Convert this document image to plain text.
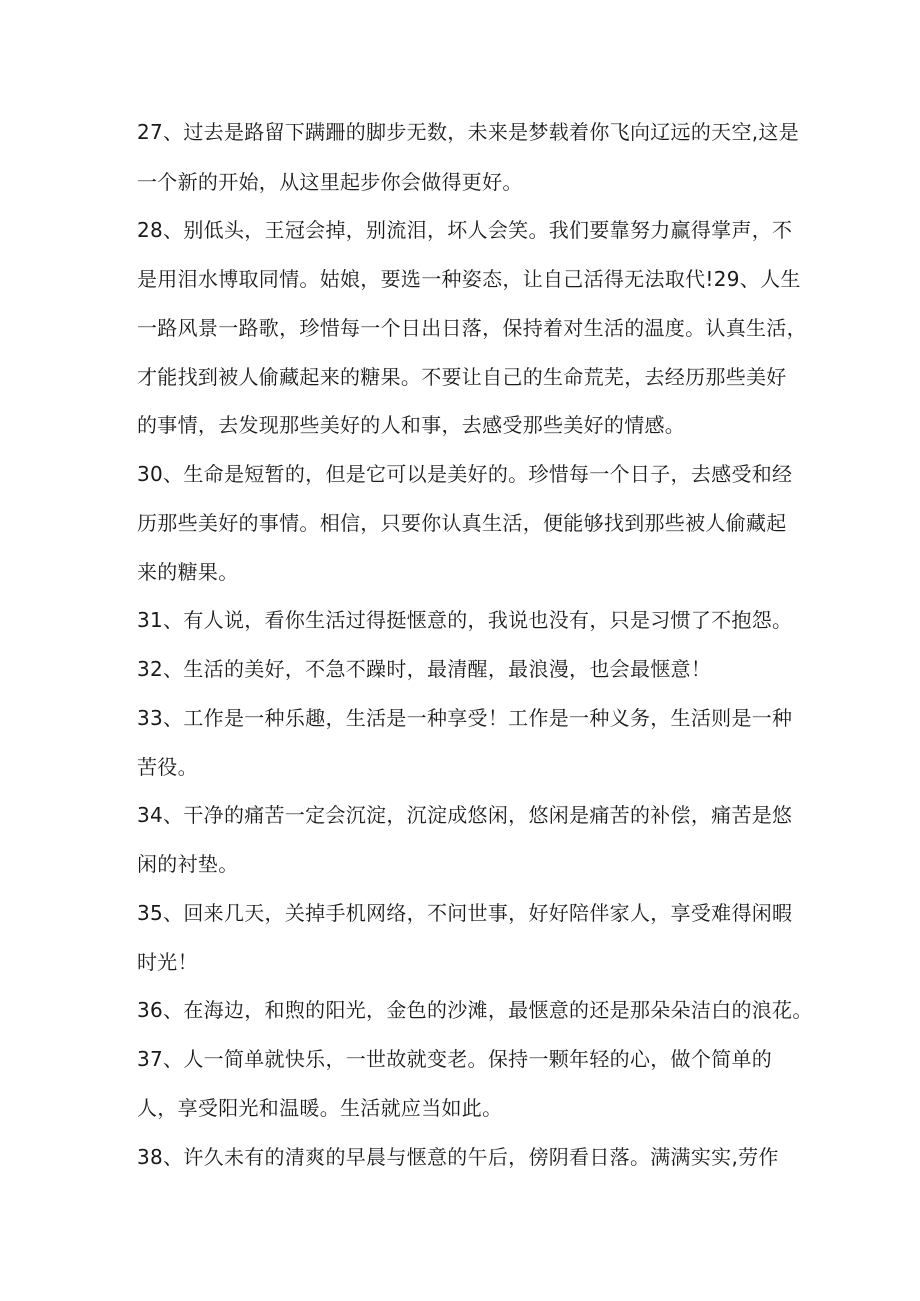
27、过去是路留下蹒跚的脚步无数，未来是梦载着你飞向辽远的天空,这是
一个新的开始，从这里起步你会做得更好。
28、别低头，王冠会掉，别流泪，坏人会笑。我们要靠努力赢得掌声，不
是用泪水博取同情。姑娘，要选一种姿态，让自己活得无法取代!29、人生
一路风景一路歌，珍惜每一个日出日落，保持着对生活的温度。认真生活，
才能找到被人偷藏起来的糖果。不要让自己的生命荒芜，去经历那些美好
的事情，去发现那些美好的人和事，去感受那些美好的情感。
30、生命是短暂的，但是它可以是美好的。珍惜每一个日子，去感受和经
历那些美好的事情。相信，只要你认真生活，便能够找到那些被人偷藏起
来的糖果。
31、有人说，看你生活过得挺惬意的，我说也没有，只是习惯了不抱怨。
32、生活的美好，不急不躁时，最清醒，最浪漫，也会最惬意！
33、工作是一种乐趣，生活是一种享受！工作是一种义务，生活则是一种
苦役。
34、干净的痛苦一定会沉淀，沉淀成悠闲，悠闲是痛苦的补偿，痛苦是悠
闲的衬垫。
35、回来几天，关掉手机网络，不问世事，好好陪伴家人，享受难得闲暇
时光！
36、在海边，和煦的阳光，金色的沙滩，最惬意的还是那朵朵洁白的浪花。
37、人一简单就快乐，一世故就变老。保持一颗年轻的心，做个简单的
人，享受阳光和温暖。生活就应当如此。
38、许久未有的清爽的早晨与惬意的午后，傍阴看日落。满满实实,劳作
